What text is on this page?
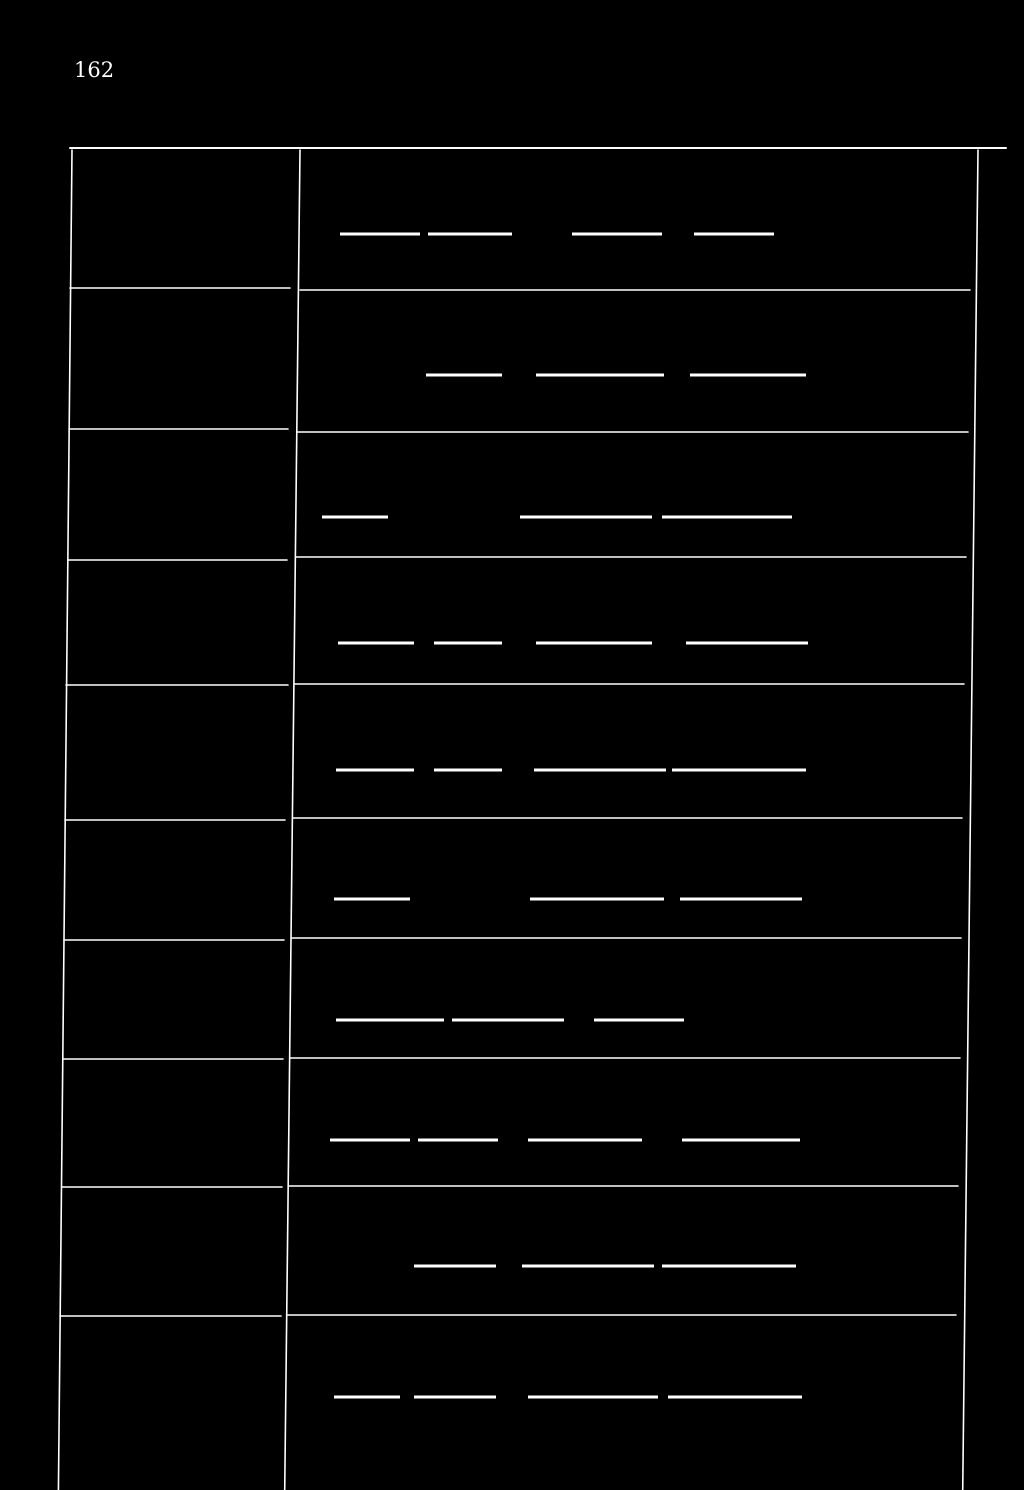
162
